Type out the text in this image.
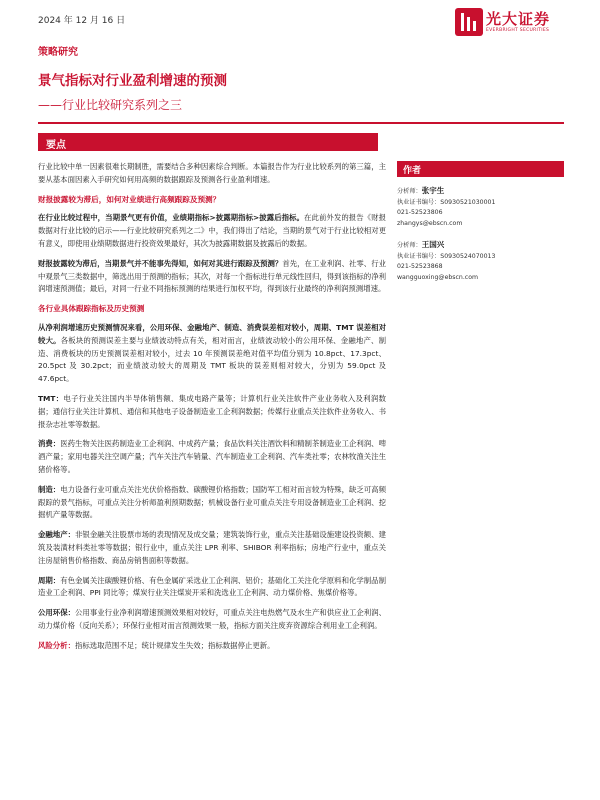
2024 年 12 月 16 日	光大证券
EVERBRIGHT SECURITIES
策略研究
景气指标对行业盈利增速的预测
——行业比较研究系列之三
要点
作者
分析师：张宇生
执业证书编号：S0930521030001
021-52523806
zhangys@ebscn.com
分析师：王国兴
执业证书编号：S0930524070013
021-52523868
wangguoxing@ebscn.com

行业比较中单一因素很难长期制胜，需要结合多种因素综合判断。本篇报告作为行业比较系列的第三篇，主要从基本面因素入手研究如何用高频的数据跟踪及预测各行业盈利增速。

财报披露较为滞后，如何对业绩进行高频跟踪及预测？

在行业比较过程中，当期景气更有价值，业绩期指标>披露期指标>披露后指标。在此前外发的报告《财报数据对行业比较的启示——行业比较研究系列之二》中，我们得出了结论，当期的景气对于行业比较相对更有意义，即使用业绩期数据进行投资效果最好，其次为披露期数据及披露后的数据。

财报披露较为滞后，当期景气并不能事先得知，如何对其进行跟踪及预测？首先，在工业利润、社零、行业中观景气三类数据中，筛选出用于预测的指标；其次，对每一个指标进行单元线性回归，得到该指标的净利润增速预测值；最后，对同一行业不同指标预测的结果进行加权平均，得到该行业最终的净利润预测增速。

各行业具体跟踪指标及历史预测

从净利润增速历史预测情况来看，公用环保、金融地产、制造、消费误差相对较小，周期、TMT 误差相对较大。各板块的预测误差主要与业绩波动特点有关，相对而言，业绩波动较小的公用环保、金融地产、制造、消费板块的历史预测误差相对较小，过去 10 年预测误差绝对值平均值分别为 10.8pct、17.3pct、20.5pct 及 30.2pct；而业绩波动较大的周期及 TMT 板块的误差则相对较大，分别为 59.0pct 及 47.6pct。

TMT：电子行业关注国内半导体销售额、集成电路产量等；计算机行业关注软件产业业务收入及利润数据；通信行业关注计算机、通信和其他电子设备制造业工企利润数据；传媒行业重点关注软件业务收入、书报杂志社零等数据。

消费：医药生物关注医药制造业工企利润、中成药产量；食品饮料关注酒饮料和精制茶制造业工企利润、啤酒产量；家用电器关注空调产量；汽车关注汽车销量、汽车制造业工企利润、汽车类社零；农林牧渔关注生猪价格等。

制造：电力设备行业可重点关注光伏价格指数、碳酸锂价格指数；国防军工相对而言较为特殊，缺乏可高频跟踪的景气指标，可重点关注分析师盈利预期数据；机械设备行业可重点关注专用设备制造业工企利润、挖掘机产量等数据。

金融地产：非银金融关注股票市场的表现情况及成交量；建筑装饰行业，重点关注基础设施建设投资额、建筑及装潢材料类社零等数据；银行业中，重点关注 LPR 利率、SHIBOR 利率指标；房地产行业中，重点关注房屋销售价格指数、商品房销售面积等数据。

周期：有色金属关注碳酸锂价格、有色金属矿采选业工企利润、铝价；基础化工关注化学原料和化学制品制造业工企利润、PPI 同比等；煤炭行业关注煤炭开采和洗选业工企利润、动力煤价格、焦煤价格等。

公用环保：公用事业行业净利润增速预测效果相对较好，可重点关注电热燃气及水生产和供应业工企利润、动力煤价格（反向关系）；环保行业相对而言预测效果一般，指标方面关注废弃资源综合利用业工企利润。

风险分析：指标选取范围不足；统计规律发生失效；指标数据停止更新。
